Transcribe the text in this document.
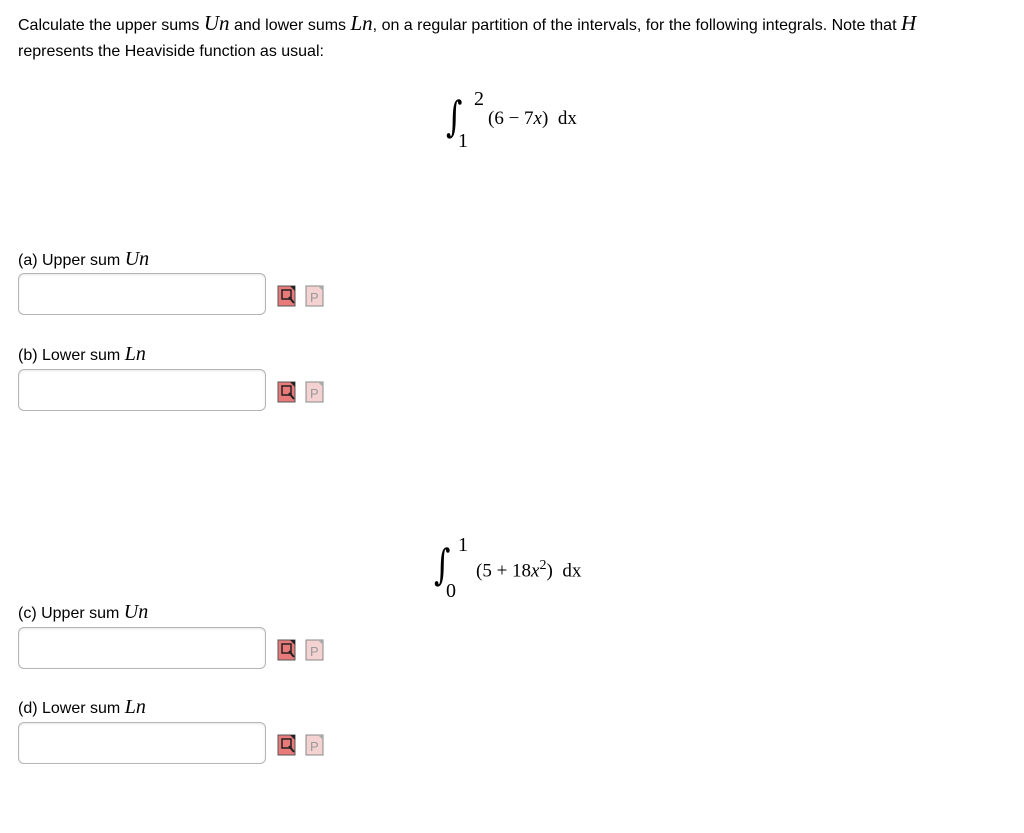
Calculate the upper sums Un and lower sums Ln, on a regular partition of the intervals, for the following integrals. Note that H
represents the Heaviside function as usual:
∫ 2
1
(6 − 7x) dx
(a) Upper sum Un
P
(b) Lower sum Ln
P
∫ 1
0
$(5 + 18x^2)$ dx
(c) Upper sum Un
P
(d) Lower sum Ln
P
